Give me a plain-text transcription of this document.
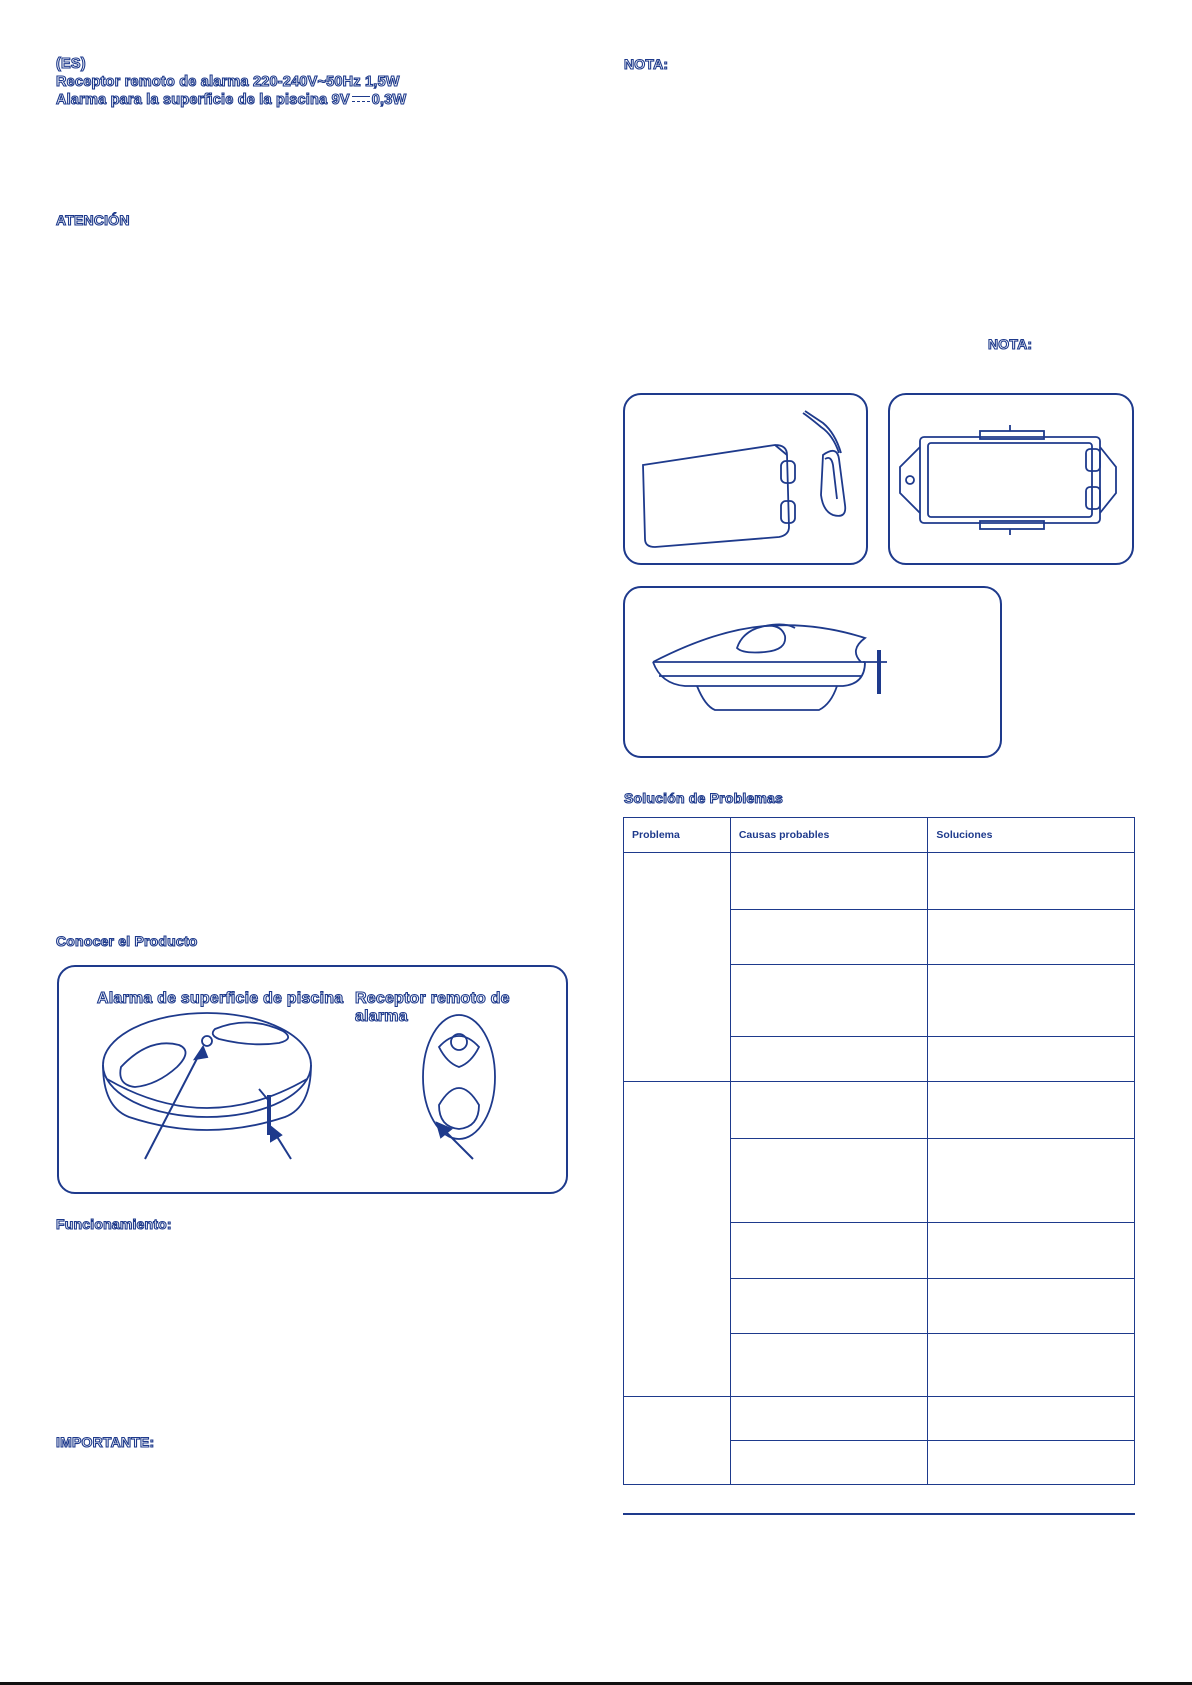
(ES)
Receptor remoto de alarma 220-240V~50Hz 1,5W
Alarma para la superficie de la piscina 9V 0,3W
ATENCIÓN
Conocer el Producto
Alarma de superficie de piscina Receptor remoto de alarma
Funcionamiento:
IMPORTANTE:
NOTA:
NOTA:
Solución de Problemas
Problema	Causas probables	Soluciones
